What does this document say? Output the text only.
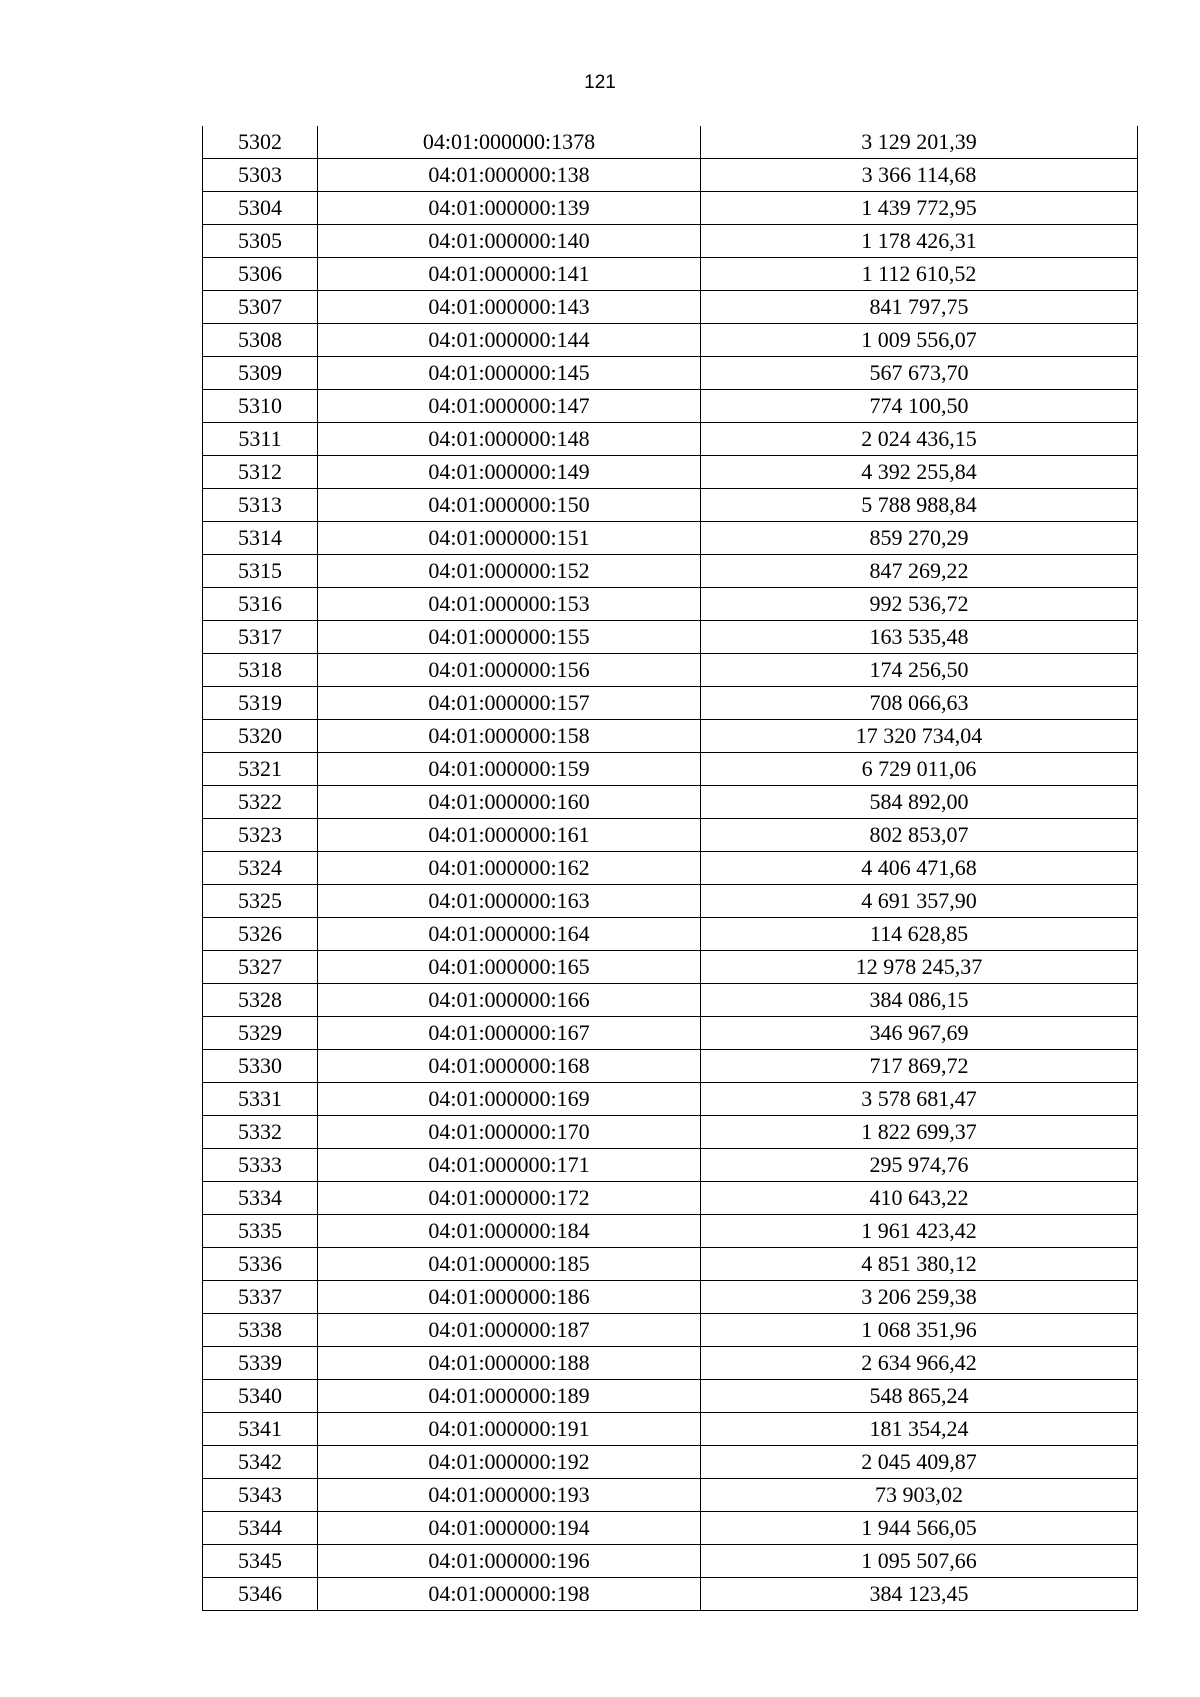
121
5302	04:01:000000:1378	3 129 201,39
5303	04:01:000000:138	3 366 114,68
5304	04:01:000000:139	1 439 772,95
5305	04:01:000000:140	1 178 426,31
5306	04:01:000000:141	1 112 610,52
5307	04:01:000000:143	841 797,75
5308	04:01:000000:144	1 009 556,07
5309	04:01:000000:145	567 673,70
5310	04:01:000000:147	774 100,50
5311	04:01:000000:148	2 024 436,15
5312	04:01:000000:149	4 392 255,84
5313	04:01:000000:150	5 788 988,84
5314	04:01:000000:151	859 270,29
5315	04:01:000000:152	847 269,22
5316	04:01:000000:153	992 536,72
5317	04:01:000000:155	163 535,48
5318	04:01:000000:156	174 256,50
5319	04:01:000000:157	708 066,63
5320	04:01:000000:158	17 320 734,04
5321	04:01:000000:159	6 729 011,06
5322	04:01:000000:160	584 892,00
5323	04:01:000000:161	802 853,07
5324	04:01:000000:162	4 406 471,68
5325	04:01:000000:163	4 691 357,90
5326	04:01:000000:164	114 628,85
5327	04:01:000000:165	12 978 245,37
5328	04:01:000000:166	384 086,15
5329	04:01:000000:167	346 967,69
5330	04:01:000000:168	717 869,72
5331	04:01:000000:169	3 578 681,47
5332	04:01:000000:170	1 822 699,37
5333	04:01:000000:171	295 974,76
5334	04:01:000000:172	410 643,22
5335	04:01:000000:184	1 961 423,42
5336	04:01:000000:185	4 851 380,12
5337	04:01:000000:186	3 206 259,38
5338	04:01:000000:187	1 068 351,96
5339	04:01:000000:188	2 634 966,42
5340	04:01:000000:189	548 865,24
5341	04:01:000000:191	181 354,24
5342	04:01:000000:192	2 045 409,87
5343	04:01:000000:193	73 903,02
5344	04:01:000000:194	1 944 566,05
5345	04:01:000000:196	1 095 507,66
5346	04:01:000000:198	384 123,45
